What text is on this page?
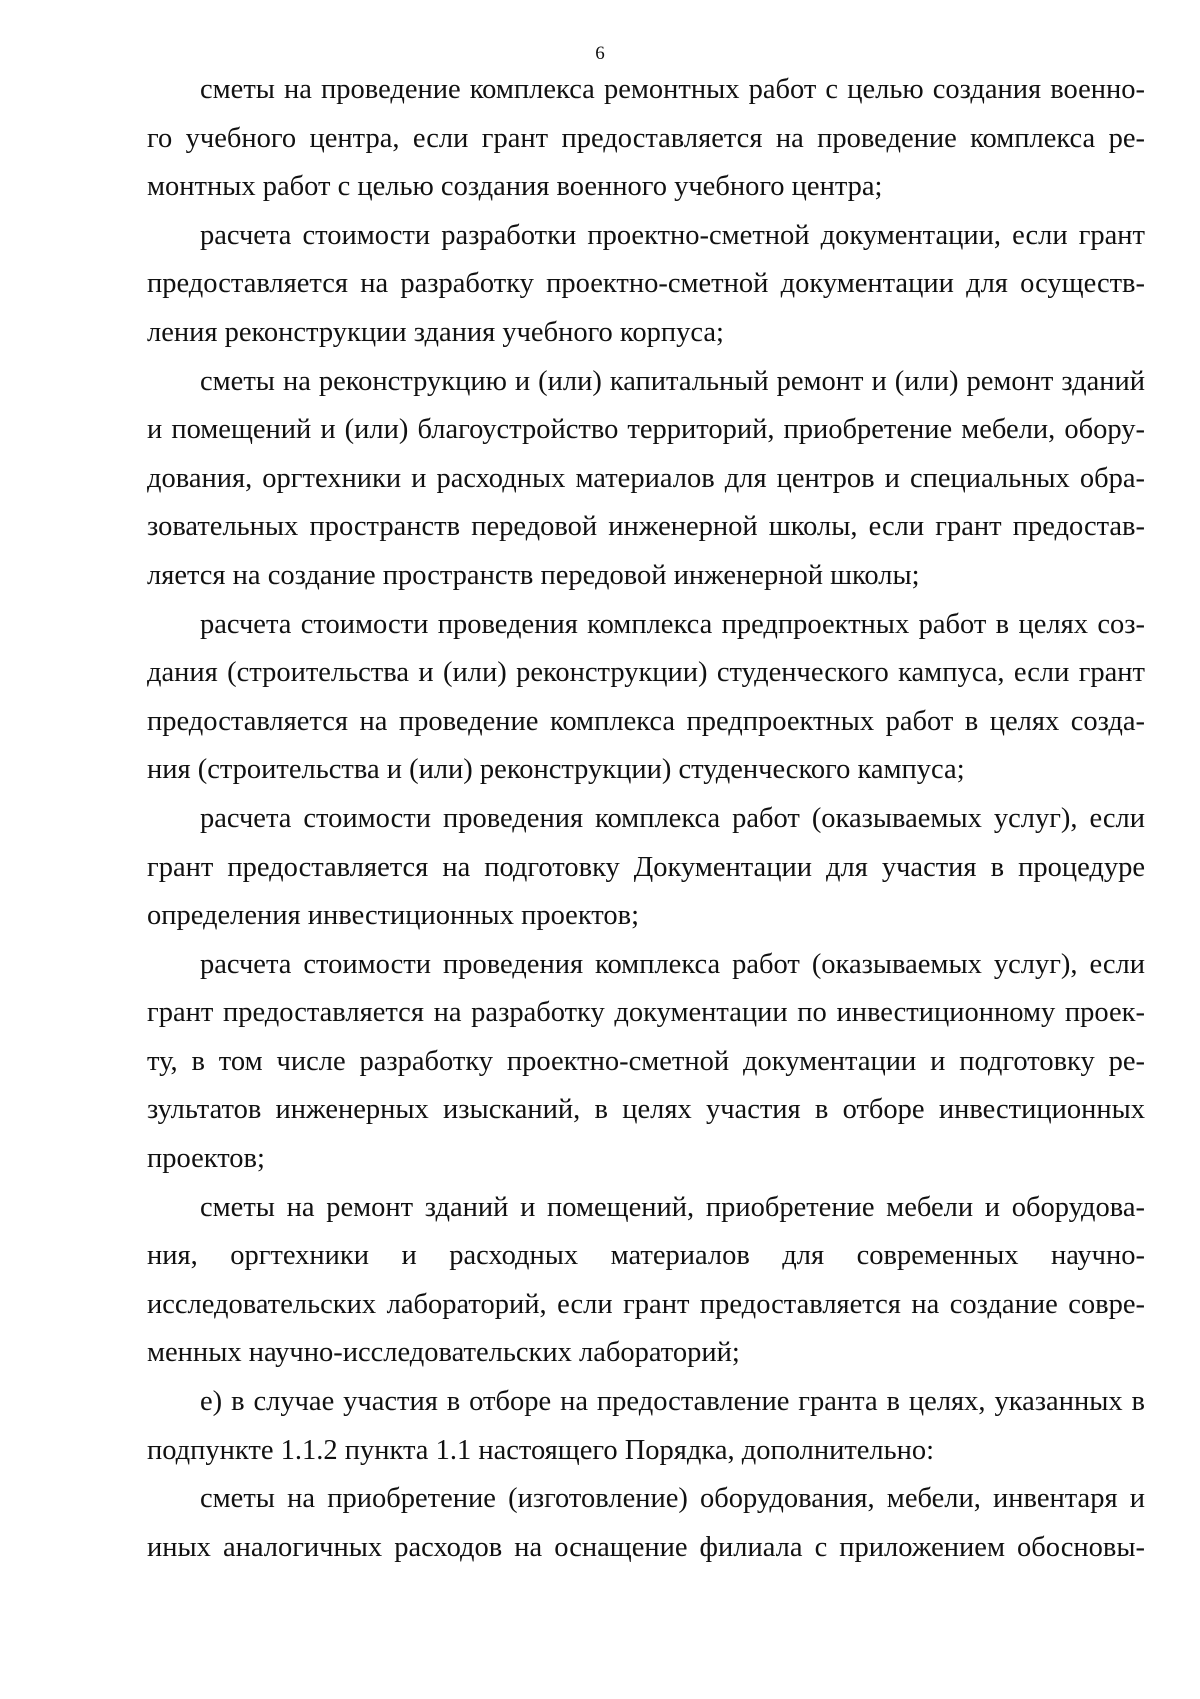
6
сметы на проведение комплекса ремонтных работ с целью создания военно-
го учебного центра, если грант предоставляется на проведение комплекса ре-
монтных работ с целью создания военного учебного центра;
расчета стоимости разработки проектно-сметной документации, если грант
предоставляется на разработку проектно-сметной документации для осуществ-
ления реконструкции здания учебного корпуса;
сметы на реконструкцию и (или) капитальный ремонт и (или) ремонт зданий
и помещений и (или) благоустройство территорий, приобретение мебели, обору-
дования, оргтехники и расходных материалов для центров и специальных обра-
зовательных пространств передовой инженерной школы, если грант предостав-
ляется на создание пространств передовой инженерной школы;
расчета стоимости проведения комплекса предпроектных работ в целях соз-
дания (строительства и (или) реконструкции) студенческого кампуса, если грант
предоставляется на проведение комплекса предпроектных работ в целях созда-
ния (строительства и (или) реконструкции) студенческого кампуса;
расчета стоимости проведения комплекса работ (оказываемых услуг), если
грант предоставляется на подготовку Документации для участия в процедуре
определения инвестиционных проектов;
расчета стоимости проведения комплекса работ (оказываемых услуг), если
грант предоставляется на разработку документации по инвестиционному проек-
ту, в том числе разработку проектно-сметной документации и подготовку ре-
зультатов инженерных изысканий, в целях участия в отборе инвестиционных
проектов;
сметы на ремонт зданий и помещений, приобретение мебели и оборудова-
ния, оргтехники и расходных материалов для современных научно-
исследовательских лабораторий, если грант предоставляется на создание совре-
менных научно-исследовательских лабораторий;
е) в случае участия в отборе на предоставление гранта в целях, указанных в
подпункте 1.1.2 пункта 1.1 настоящего Порядка, дополнительно:
сметы на приобретение (изготовление) оборудования, мебели, инвентаря и
иных аналогичных расходов на оснащение филиала с приложением обосновы-
